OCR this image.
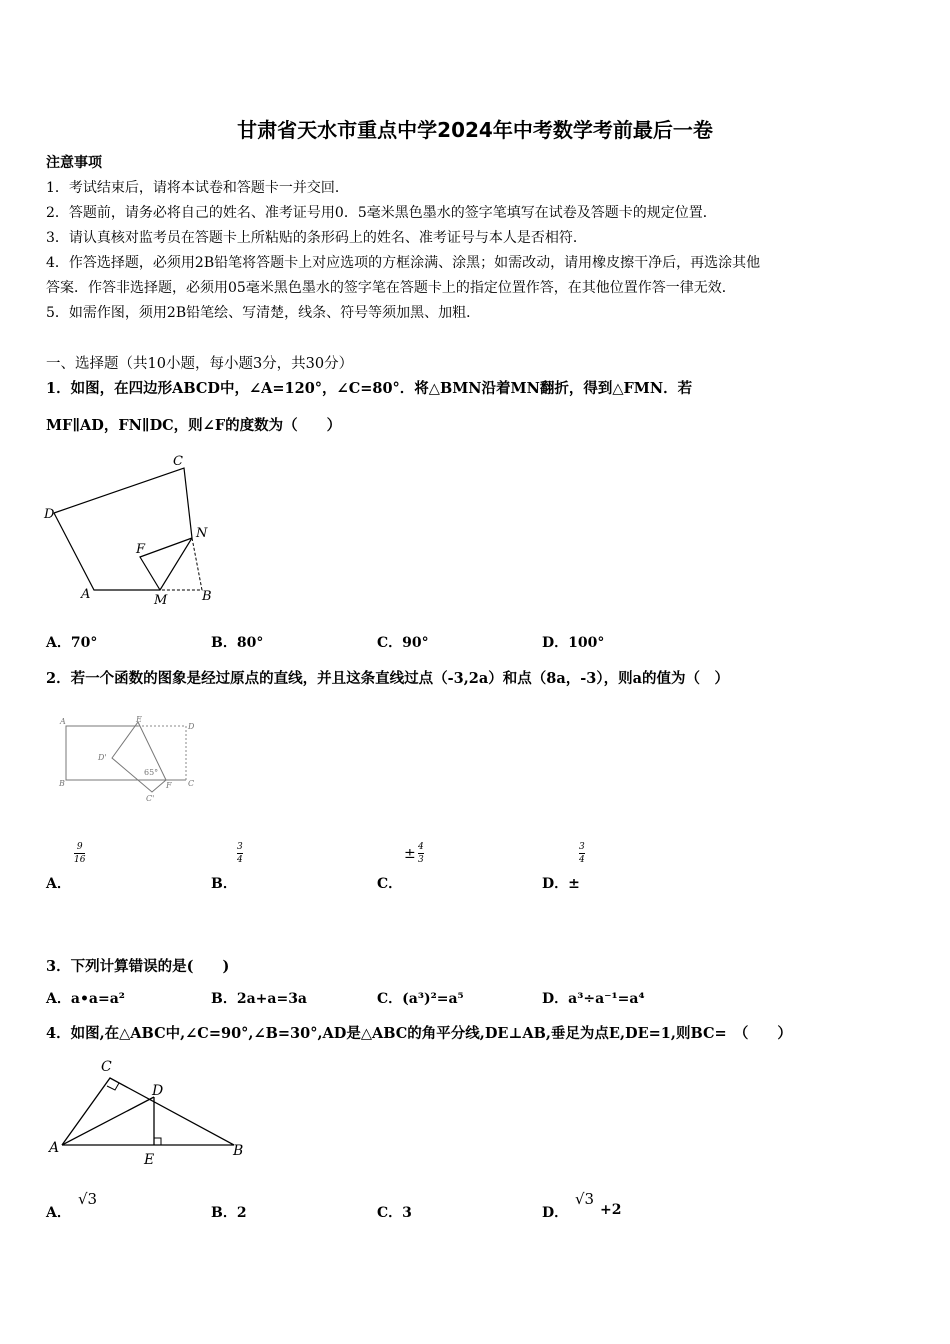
甘肃省天水市重点中学2024年中考数学考前最后一卷
注意事项
1．考试结束后，请将本试卷和答题卡一并交回．
2．答题前，请务必将自己的姓名、准考证号用0．5毫米黑色墨水的签字笔填写在试卷及答题卡的规定位置．
3．请认真核对监考员在答题卡上所粘贴的条形码上的姓名、准考证号与本人是否相符．
4．作答选择题，必须用2B铅笔将答题卡上对应选项的方框涂满、涂黑；如需改动，请用橡皮擦干净后，再选涂其他
答案．作答非选择题，必须用05毫米黑色墨水的签字笔在答题卡上的指定位置作答，在其他位置作答一律无效．
5．如需作图，须用2B铅笔绘、写清楚，线条、符号等须加黑、加粗．
一、选择题（共10小题，每小题3分，共30分）
1．如图，在四边形ABCD中，∠A=120°，∠C=80°．将△BMN沿着MN翻折，得到△FMN．若
MF∥AD，FN∥DC，则∠F的度数为（　　）
C
D
N
F
A	M	B
A．70°	B．80°	C．90°	D．100°
2．若一个函数的图象是经过原点的直线，并且这条直线过点（-3,2a）和点（8a，-3），则a的值为（　）
A	E
D
D'
65°
B	F C
C'
9
16
A．
3
4
B．
± 4
3
C．
3
4
D．±
3．下列计算错误的是(　　)
A．a•a=a²	B．2a+a=3a	C．(a³)²=a⁵	D．a³÷a⁻¹=a⁴
4．如图,在△ABC中,∠C=90°,∠B=30°,AD是△ABC的角平分线,DE⊥AB,垂足为点E,DE=1,则BC=　（　　）
C
D
A
E
B
A．
√3
B．2	C．3	D．
√3
+2
